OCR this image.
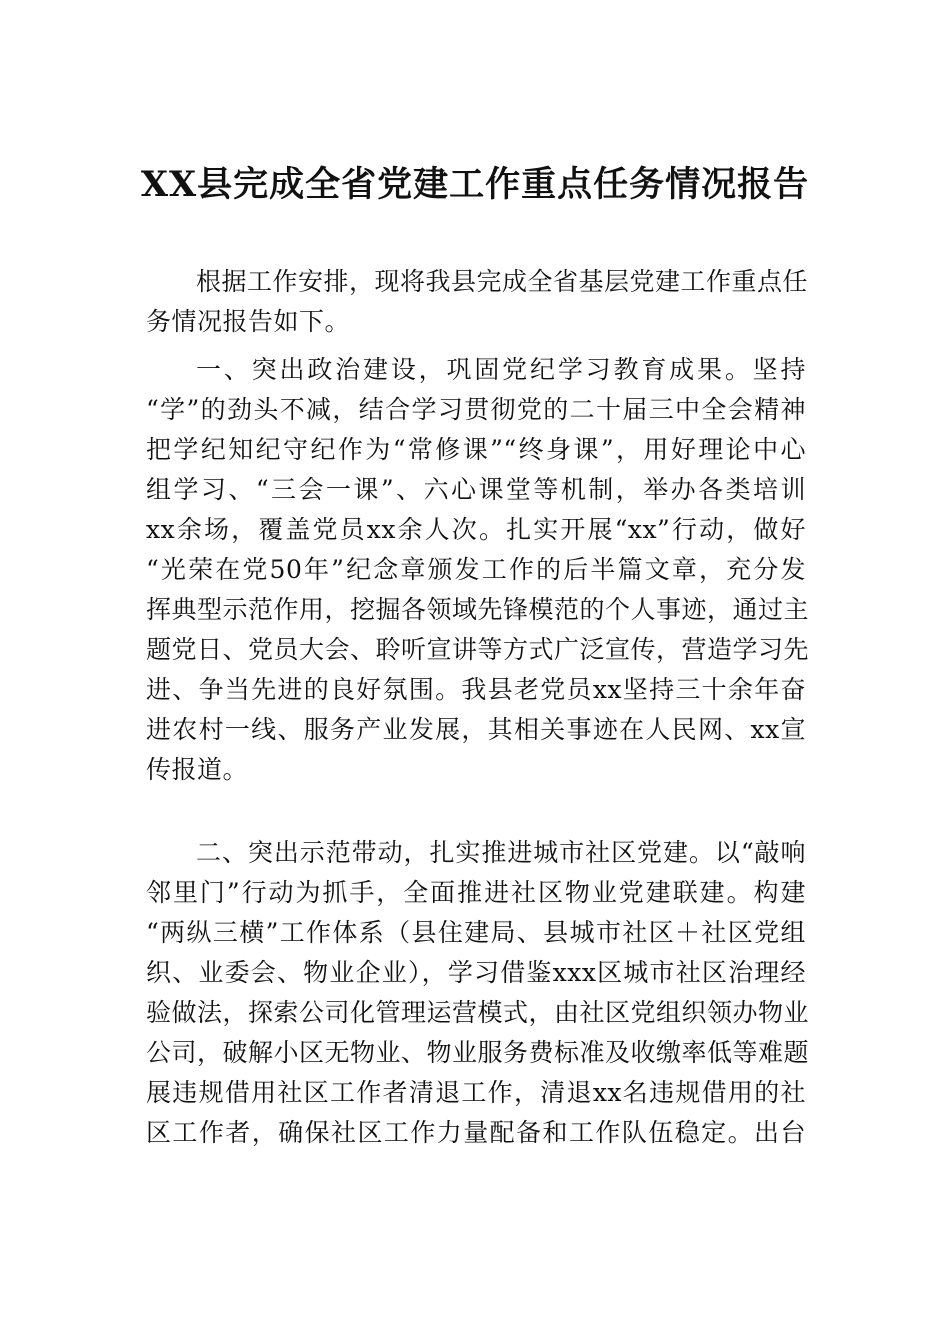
XX县完成全省党建工作重点任务情况报告
根据工作安排，现将我县完成全省基层党建工作重点任
务情况报告如下。
一、突出政治建设，巩固党纪学习教育成果。坚持
“学”的劲头不减，结合学习贯彻党的二十届三中全会精神
把学纪知纪守纪作为“常修课”“终身课”，用好理论中心
组学习、“三会一课”、六心课堂等机制，举办各类培训
xx余场，覆盖党员xx余人次。扎实开展“xx”行动，做好
“光荣在党50年”纪念章颁发工作的后半篇文章，充分发
挥典型示范作用，挖掘各领域先锋模范的个人事迹，通过主
题党日、党员大会、聆听宣讲等方式广泛宣传，营造学习先
进、争当先进的良好氛围。我县老党员xx坚持三十余年奋
进农村一线、服务产业发展，其相关事迹在人民网、xx宣
传报道。
二、突出示范带动，扎实推进城市社区党建。以“敲响
邻里门”行动为抓手，全面推进社区物业党建联建。构建
“两纵三横”工作体系（县住建局、县城市社区＋社区党组
织、业委会、物业企业），学习借鉴xxx区城市社区治理经
验做法，探索公司化管理运营模式，由社区党组织领办物业
公司，破解小区无物业、物业服务费标准及收缴率低等难题
展违规借用社区工作者清退工作，清退xx名违规借用的社
区工作者，确保社区工作力量配备和工作队伍稳定。出台
